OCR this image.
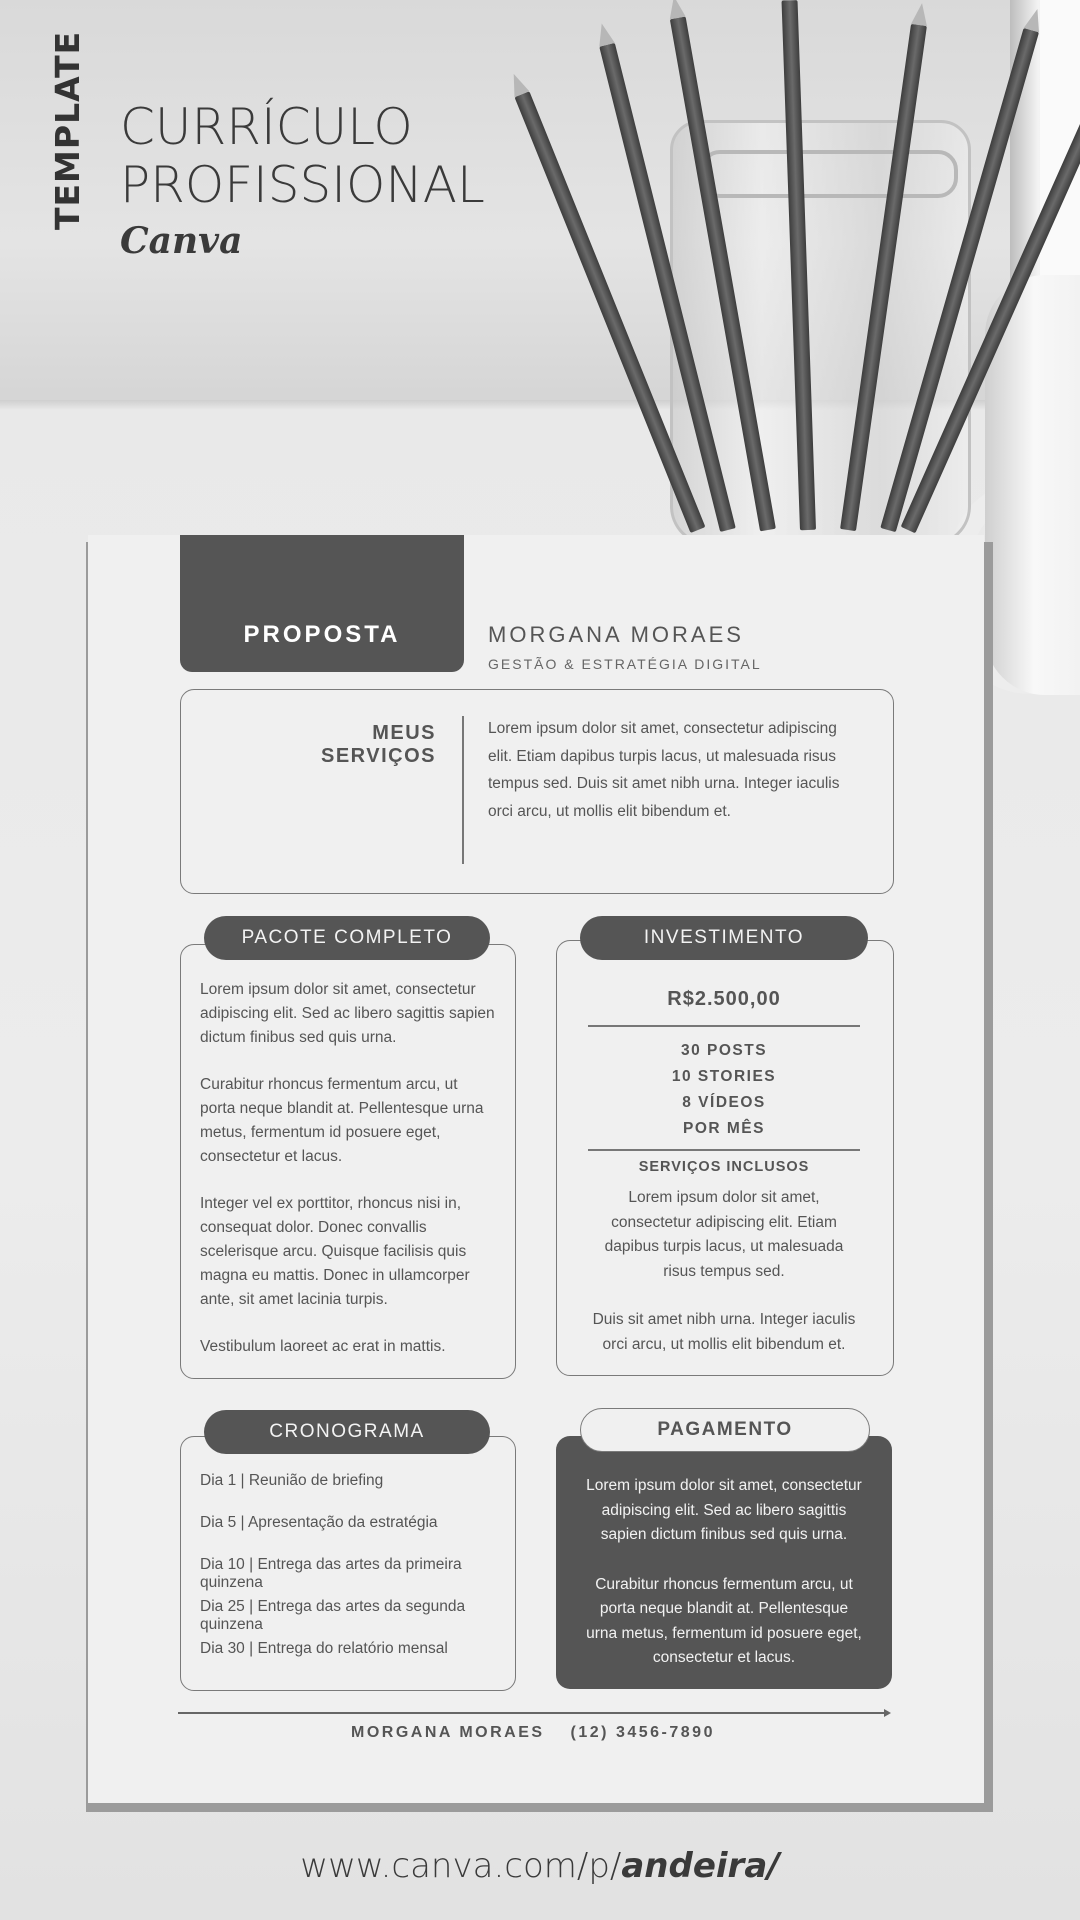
TEMPLATE CURRÍCULO
PROFISSIONAL
Canva
PROPOSTA	MORGANA MORAES
GESTÃO & ESTRATÉGIA DIGITAL
MEUS SERVIÇOS
Lorem ipsum dolor sit amet, consectetur adipiscing elit. Etiam dapibus turpis lacus, ut malesuada risus tempus sed. Duis sit amet nibh urna. Integer iaculis orci arcu, ut mollis elit bibendum et.
PACOTE COMPLETO

Lorem ipsum dolor sit amet, consectetur adipiscing elit. Sed ac libero sagittis sapien dictum finibus sed quis urna.

Curabitur rhoncus fermentum arcu, ut porta neque blandit at. Pellentesque urna metus, fermentum id posuere eget, consectetur et lacus.

Integer vel ex porttitor, rhoncus nisi in, consequat dolor. Donec convallis scelerisque arcu. Quisque facilisis quis magna eu mattis. Donec in ullamcorper ante, sit amet lacinia turpis.

Vestibulum laoreet ac erat in mattis.

INVESTIMENTO
R$2.500,00
30 POSTS
10 STORIES
8 VÍDEOS
POR MÊS
SERVIÇOS INCLUSOS

Lorem ipsum dolor sit amet, consectetur adipiscing elit. Etiam dapibus turpis lacus, ut malesuada risus tempus sed.

Duis sit amet nibh urna. Integer iaculis orci arcu, ut mollis elit bibendum et.

CRONOGRAMA
Dia 1 | Reunião de briefing
Dia 5 | Apresentação da estratégia
Dia 10 | Entrega das artes da primeira quinzena
Dia 25 | Entrega das artes da segunda quinzena
Dia 30 | Entrega do relatório mensal
PAGAMENTO

Lorem ipsum dolor sit amet, consectetur adipiscing elit. Sed ac libero sagittis sapien dictum finibus sed quis urna.

Curabitur rhoncus fermentum arcu, ut porta neque blandit at. Pellentesque urna metus, fermentum id posuere eget, consectetur et lacus.

MORGANA MORAES (12) 3456-7890
www.canva.com/p/andeira/
